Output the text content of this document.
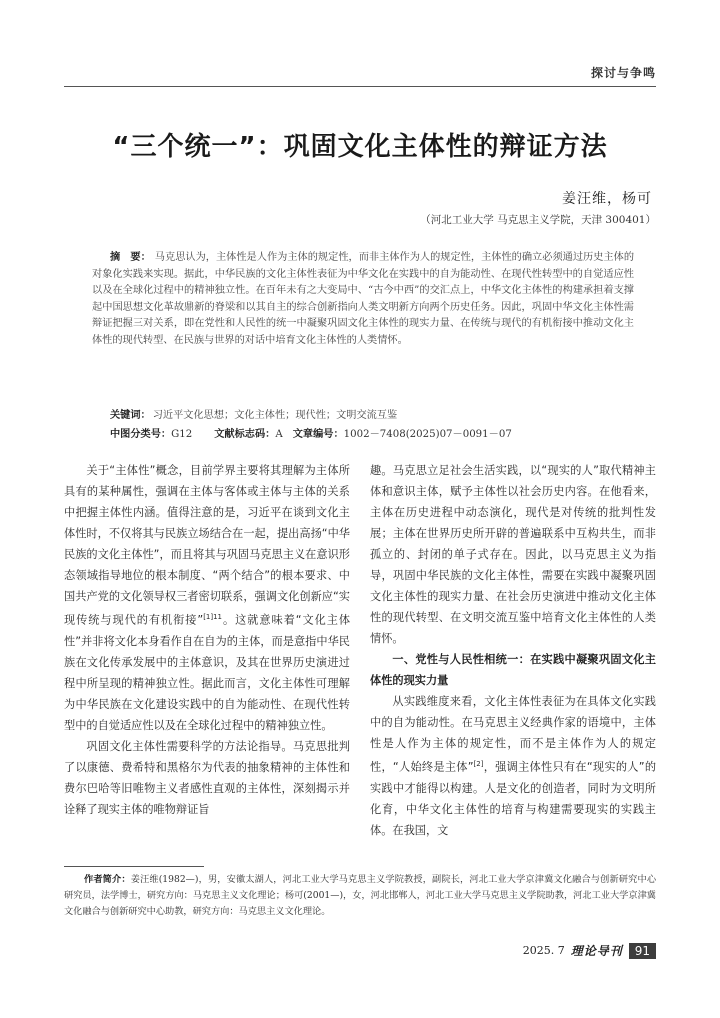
探讨与争鸣
“三个统一”：巩固文化主体性的辩证方法
姜汪维，杨可
（河北工业大学 马克思主义学院，天津 300401）
摘　要： 马克思认为，主体性是人作为主体的规定性，而非主体作为人的规定性，主体性的确立必须通过历史主体的对象化实践来实现。据此，中华民族的文化主体性表征为中华文化在实践中的自为能动性、在现代性转型中的自觉适应性以及在全球化过程中的精神独立性。在百年未有之大变局中、“古今中西”的交汇点上，中华文化主体性的构建承担着支撑起中国思想文化革故鼎新的脊梁和以其自主的综合创新指向人类文明新方向两个历史任务。因此，巩固中华文化主体性需辩证把握三对关系，即在党性和人民性的统一中凝聚巩固文化主体性的现实力量、在传统与现代的有机衔接中推动文化主体性的现代转型、在民族与世界的对话中培育文化主体性的人类情怀。
关键词： 习近平文化思想；文化主体性；现代性；文明交流互鉴
中图分类号：G12 文献标志码：A 文章编号：1002－7408(2025)07－0091－07

关于“主体性”概念，目前学界主要将其理解为主体所具有的某种属性，强调在主体与客体或主体与主体的关系中把握主体性内涵。值得注意的是，习近平在谈到文化主体性时，不仅将其与民族立场结合在一起，提出高扬“中华民族的文化主体性”，而且将其与巩固马克思主义在意识形态领域指导地位的根本制度、“两个结合”的根本要求、中国共产党的文化领导权三者密切联系，强调文化创新应“实现传统与现代的有机衔接”$^{[1]11}$。这就意味着“文化主体性”并非将文化本身看作自在自为的主体，而是意指中华民族在文化传承发展中的主体意识，及其在世界历史演进过程中所呈现的精神独立性。据此而言，文化主体性可理解为中华民族在文化建设实践中的自为能动性、在现代性转型中的自觉适应性以及在全球化过程中的精神独立性。

巩固文化主体性需要科学的方法论指导。马克思批判了以康德、费希特和黑格尔为代表的抽象精神的主体性和费尔巴哈等旧唯物主义者感性直观的主体性，深刻揭示并诠释了现实主体的唯物辩证旨

趣。马克思立足社会生活实践，以“现实的人”取代精神主体和意识主体，赋予主体性以社会历史内容。在他看来，主体在历史进程中动态演化，现代是对传统的批判性发展；主体在世界历史所开辟的普遍联系中互构共生，而非孤立的、封闭的单子式存在。因此，以马克思主义为指导，巩固中华民族的文化主体性，需要在实践中凝聚巩固文化主体性的现实力量、在社会历史演进中推动文化主体性的现代转型、在文明交流互鉴中培育文化主体性的人类情怀。

一、党性与人民性相统一：在实践中凝聚巩固文化主体性的现实力量

从实践维度来看，文化主体性表征为在具体文化实践中的自为能动性。在马克思主义经典作家的语境中，主体性是人作为主体的规定性，而不是主体作为人的规定性，“人始终是主体”[2]，强调主体性只有在“现实的人”的实践中才能得以构建。人是文化的创造者，同时为文明所化育，中华文化主体性的培育与构建需要现实的实践主体。在我国，文

作者简介：姜汪维(1982—)，男，安徽太湖人，河北工业大学马克思主义学院教授，副院长，河北工业大学京津冀文化融合与创新研究中心研究员，法学博士，研究方向：马克思主义文化理论；杨可(2001—)，女，河北邯郸人，河北工业大学马克思主义学院助教，河北工业大学京津冀文化融合与创新研究中心助教，研究方向：马克思主义文化理论。
2025. 7 理论导刊	91
